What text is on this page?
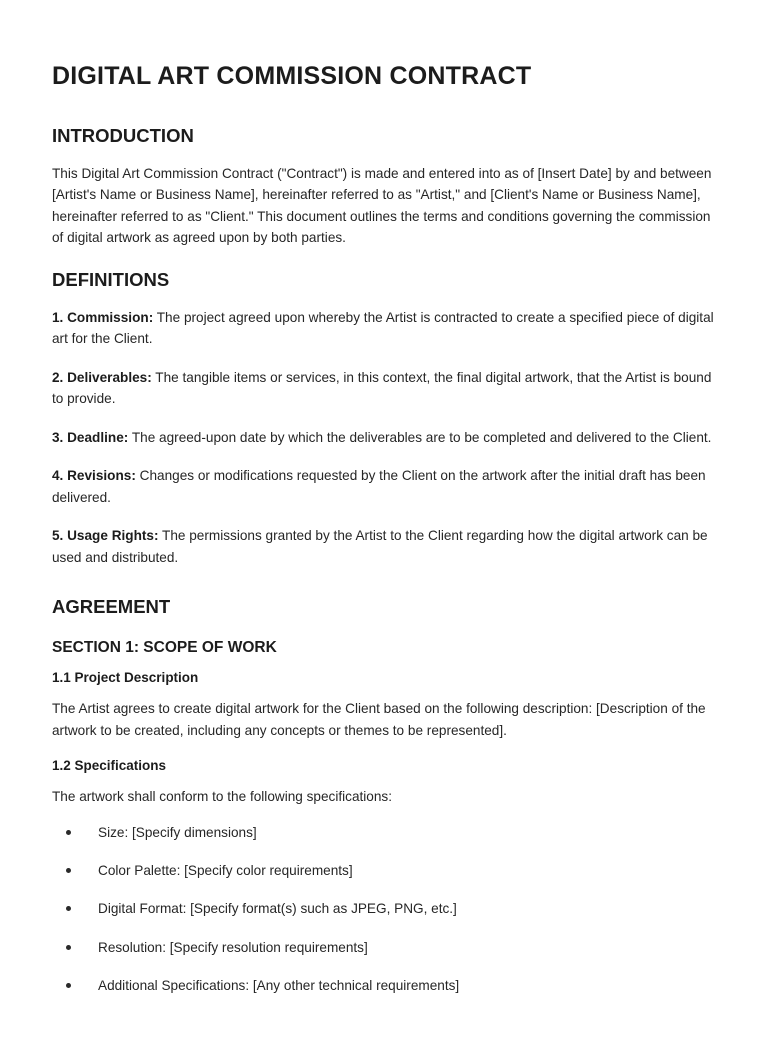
DIGITAL ART COMMISSION CONTRACT
INTRODUCTION

This Digital Art Commission Contract ("Contract") is made and entered into as of [Insert Date] by and between [Artist's Name or Business Name], hereinafter referred to as "Artist," and [Client's Name or Business Name], hereinafter referred to as "Client." This document outlines the terms and conditions governing the commission of digital artwork as agreed upon by both parties.

DEFINITIONS

1. Commission: The project agreed upon whereby the Artist is contracted to create a specified piece of digital art for the Client.

2. Deliverables: The tangible items or services, in this context, the final digital artwork, that the Artist is bound to provide.

3. Deadline: The agreed-upon date by which the deliverables are to be completed and delivered to the Client.

4. Revisions: Changes or modifications requested by the Client on the artwork after the initial draft has been delivered.

5. Usage Rights: The permissions granted by the Artist to the Client regarding how the digital artwork can be used and distributed.

AGREEMENT
SECTION 1: SCOPE OF WORK
1.1 Project Description

The Artist agrees to create digital artwork for the Client based on the following description: [Description of the artwork to be created, including any concepts or themes to be represented].

1.2 Specifications

The artwork shall conform to the following specifications:

Size: [Specify dimensions]
Color Palette: [Specify color requirements]
Digital Format: [Specify format(s) such as JPEG, PNG, etc.]
Resolution: [Specify resolution requirements]
Additional Specifications: [Any other technical requirements]
